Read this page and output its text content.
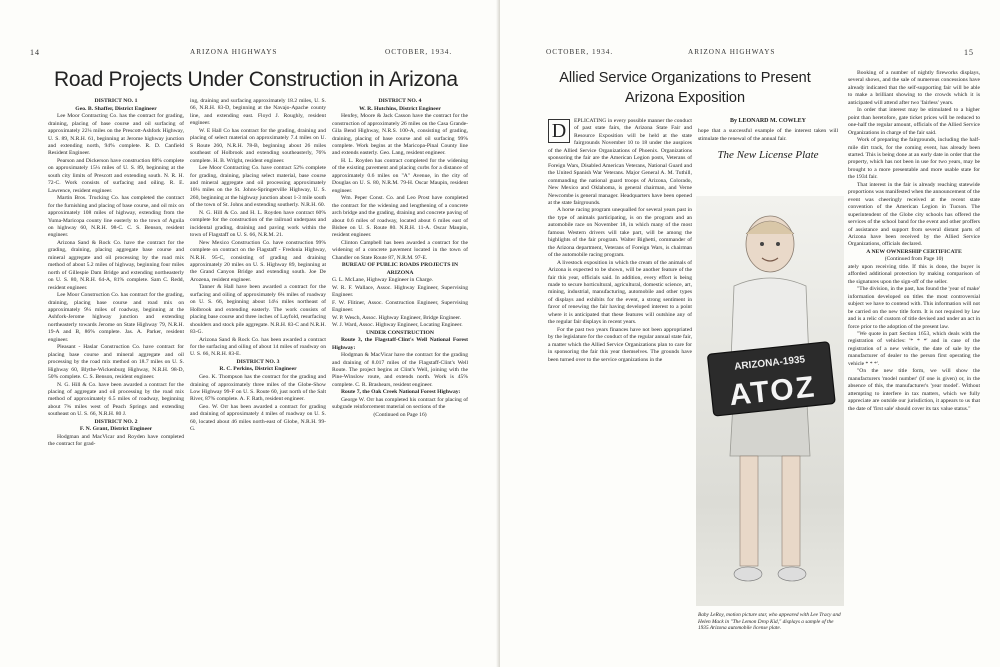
14	ARIZONA HIGHWAYS	OCTOBER, 1934.
Road Projects Under Construction in Arizona
DISTRICT NO. 1
Geo. B. Shaffer, District Engineer

Lee Moor Contracting Co. has the contract for grading, draining, placing of base course and oil surfacing of approximately 22¼ miles on the Prescott-Ashfork Highway, U. S. 89, N.R.H. 61, beginning at Jerome highway junction and extending north, 94% complete. R. D. Canfield Resident Engineer.

Pearson and Dickerson have construction 88% complete on approximately 15¼ miles of U. S. 89, beginning at the south city limits of Prescott and extending south. N. R. H. 72-C. Work consists of surfacing and oiling. R. E. Lawrence, resident engineer.

Martin Bros. Trucking Co. has completed the contract for the furnishing and placing of base course, and oil mix on approximately 108 miles of highway, extending from the Yuma-Maricopa county line easterly to the town of Aguila on highway 60, N.R.H. 98-C. C. S. Benson, resident engineer.

Arizona Sand & Rock Co. have the contract for the grading, draining, placing aggregate base course and mineral aggregate and oil processing by the road mix method of about 5.2 miles of highway, beginning four miles north of Gillespie Dam Bridge and extending northeasterly on U. S. 80, N.R.H. 64-A, 81% complete. Sam C. Redd, resident engineer.

Lee Moor Construction Co. has contract for the grading, draining, placing base course and road mix on approximately 9¼ miles of roadway, beginning at the Ashfork-Jerome highway junction and extending northeasterly towards Jerome on State Highway 79, N.R.H. 19-A and B, 86% complete. Jas. A. Parker, resident engineer.

Pleasant - Haslar Construction Co. have contract for placing base course and mineral aggregate and oil processing by the road mix method on 18.7 miles on U. S. Highway 60, Blythe-Wickenburg Highway, N.R.H. 98-D, 50% complete. C. S. Benson, resident engineer.

N. G. Hill & Co. have been awarded a contract for the placing of aggregate and oil processing by the road mix method of approximately 6.5 miles of roadway, beginning about 7¾ miles west of Peach Springs and extending southeast on U. S. 66, N.R.H. 80 J.

DISTRICT NO. 2
F. N. Grant, District Engineer

Hodgman and MacVicar and Royden have completed the contract for grad-

ing, draining and surfacing approximately 18.2 miles, U. S. 66, N.R.H. 83-D, beginning at the Navajo-Apache county line, and extending east. Floyd J. Roughly, resident engineer.

W. E Hall Co has contract for the grading, draining and placing of select material on approximately 7.4 miles on U. S Route 260, N.R.H. 78-B, beginning about 26 miles southeast of Holbrook and extending southeasterly, 76% complete. H. B. Wright, resident engineer.

Lee Moor Contracting Co. have contract 52% complete for grading, draining, placing select material, base course and mineral aggregate and oil processing approximately 10¼ miles on the St. Johns-Springerville Highway, U. S. 260, beginning at the highway junction about 1-3 mile south of the town of St. Johns and extending southerly. N.R.H. 60.

N. G. Hill & Co. and H. L. Royden have contract 60% complete for the construction of the railroad underpass and incidental grading, draining and paving work within the town of Flagstaff on U. S. 66, N.R.M. 21.

New Mexico Construction Co. have construction 99% complete on contract on the Flagstaff - Fredonia Highway, N.R.H. 95-C, consisting of grading and draining approximately 20 miles on U. S. Highway 89, beginning at the Grand Canyon Bridge and extending south. Joe De Arozena, resident engineer.

Tanner & Hall have been awarded a contract for the surfacing and oiling of approximately 6¾ miles of roadway on U. S. 66, beginning about 14¼ miles northeast of Holbrook and extending easterly. The work consists of placing base course and three inches of Layfold, resurfacing shoulders and stock pile aggregate. N.R.H. 83-C and N.R.H. 83-G.

Arizona Sand & Rock Co. has been awarded a contract for the surfacing and oiling of about 14 miles of roadway on U. S. 66, N.R.H. 83-E.

DISTRICT NO. 3
R. C. Perkins, District Engineer

Geo. K. Thompson has the contract for the grading and draining of approximately three miles of the Globe-Show Low Highway 99-F on U. S. Route 60, just north of the Salt River, 87% complete. A. F. Rath, resident engineer.

Geo. W. Orr has been awarded a contract for grading and draining of approximately 4 miles of roadway on U. S. 60, located about 46 miles north-east of Globe, N.R.H. 99-G.

DISTRICT NO. 4
W. R. Hutchins, District Engineer

Henfey, Moore & Jack Casson have the contract for the construction of approximately 26 miles on the Casa Grande-Gila Bend Highway, N.R.S. 100-A, consisting of grading, draining, placing of base course and oil surfacing 99% complete. Work begins at the Maricopa-Pinal County line and extends easterly. Geo. Lang, resident engineer.

H. L. Royden has contract completed for the widening of the existing pavement and placing curbs for a distance of approximately 0.6 miles on "A" Avenue, in the city of Douglas on U. S. 80, N.R.M. 79-H. Oscar Maupin, resident engineer.

Wm. Peper Const. Co. and Leo Prost have completed the contract for the widening and lengthening of a concrete arch bridge and the grading, draining and concrete paving of about 0.6 miles of roadway, located about 6 miles east of Bisbee on U. S. Route 80. N.R.H. 11-A. Oscar Maupin, resident engineer.

Clinton Campbell has been awarded a contract for the widening of a concrete pavement located in the town of Chandler on State Route 87, N.R.M. 97-E.

BUREAU OF PUBLIC ROADS PROJECTS IN ARIZONA

G. L. McLane, Highway Engineer in Charge.

W. R. F. Wallace, Assoc. Highway Engineer, Supervising Engineer.

F. W. Flitiner, Assoc. Construction Engineer, Supervising Engineer.

W. P. Wesch, Assoc. Highway Engineer, Bridge Engineer.

W. J. Ward, Assoc. Highway Engineer, Locating Engineer.

UNDER CONSTRUCTION

Route 3, the Flagstaff-Clint's Well National Forest Highway:

Hodgman & MacVicar have the contract for the grading and draining of 8.017 miles of the Flagstaff-Clint's Well Route. The project begins at Clint's Well, joining with the Pine-Winslow route, and extends north. Work is 45% complete. C. R. Brashears, resident engineer.

Route 7, the Oak Creek National Forest Highway:

George W. Orr has completed his contract for placing of subgrade reinforcement material on sections of the

(Continued on Page 16)

OCTOBER, 1934.	ARIZONA HIGHWAYS	15
Allied Service Organizations to Present
Arizona Exposition
D	EPLICATING in every possible manner the conduct of past state fairs, the Arizona State Fair and Resource Exposition will be held at the state fairgrounds November 10 to 18 under the auspices of the Allied Service Organizations of Phoenix. Organizations sponsoring the fair are the American Legion posts, Veterans of Foreign Wars, Disabled American Veterans, National Guard and the United Spanish War Veterans. Major General A. M. Tuthill, commanding the national guard troops of Arizona, Colorado, New Mexico and Oklahoma, is general chairman, and Verne Newcombe is general manager. Headquarters have been opened at the state fairgrounds.

A horse racing program unequalled for several years past in the type of animals participating, is on the program and an automobile race on November 18, in which many of the most famous Western drivers will take part, will be among the highlights of the fair program. Walter Bighetti, commander of the Arizona department, Veterans of Foreign Wars, is chairman of the automobile racing program.

A livestock exposition in which the cream of the animals of Arizona is expected to be shown, will be another feature of the fair this year, officials said. In addition, every effort is being made to secure horticultural, agricultural, domestic science, art, mining, industrial, manufacturing, automobile and other types of displays and exhibits for the event, a strong sentiment in favor of renewing the fair having developed interest to a point where it is anticipated that these features will outshine any of the regular fair displays in recent years.

For the past two years finances have not been appropriated by the legislature for the conduct of the regular annual state fair, a matter which the Allied Service Organizations plan to care for in sponsoring the fair this year themselves. The grounds have been turned over to the service organizations in the

By LEONARD M. COWLEY
hope that a successful example of the interest taken will stimulate the renewal of the annual fair.
The New License Plate
ARIZONA-1935
ATOZ
Baby LeRoy, motion picture star, who appeared with Lee Tracy and Helen Mack in "The Lemon Drop Kid," displays a sample of the 1935 Arizona automobile license plate.

Booking of a number of nightly fireworks displays, several shows, and the sale of numerous concessions have already indicated that the self-supporting fair will be able to make a brilliant showing to the crowds which it is anticipated will attend after two 'fairless' years.

In order that interest may be stimulated to a higher point than heretofore, gate ticket prices will be reduced to one-half the regular amount, officials of the Allied Service Organizations in charge of the fair said.

Work of preparing the fairgrounds, including the half-mile dirt track, for the coming event, has already been started. This is being done at an early date in order that the property, which has not been in use for two years, may be brought to a more presentable and more usable state for the 1934 fair.

That interest in the fair is already reaching statewide proportions was manifested when the announcement of the event was cheeringly received at the recent state convention of the American Legion in Tucson. The superintendent of the Globe city schools has offered the services of the school band for the event and other proffers of assistance and support from several distant parts of Arizona have been received by the Allied Service Organizations, officials declared.

A NEW OWNERSHIP CERTIFICATE

(Continued from Page 10)

ately upon receiving title. If this is done, the buyer is afforded additional protection by making comparison of the signatures upon the sign-off of the seller.

"The division, in the past, has found the 'year of make' information developed on titles the most controversial subject we have to contend with. This information will not be carried on the new title form. It is not required by law and is a relic of custom of title devised and under an act in force prior to the adoption of the present law.

"We quote in part Section 1653, which deals with the registration of vehicles: '* * *' and in case of the registration of a new vehicle, the date of sale by the manufacturer of dealer to the person first operating the vehicle * * *'.

"On the new title form, we will show the manufacturers 'model number' (if one is given) or, in the absence of this, the manufacturer's 'year model'. Without attempting to interfere in tax matters, which we fully appreciate are outside our jurisdiction, it appears to us that the date of 'first sale' should cover its tax value status."
